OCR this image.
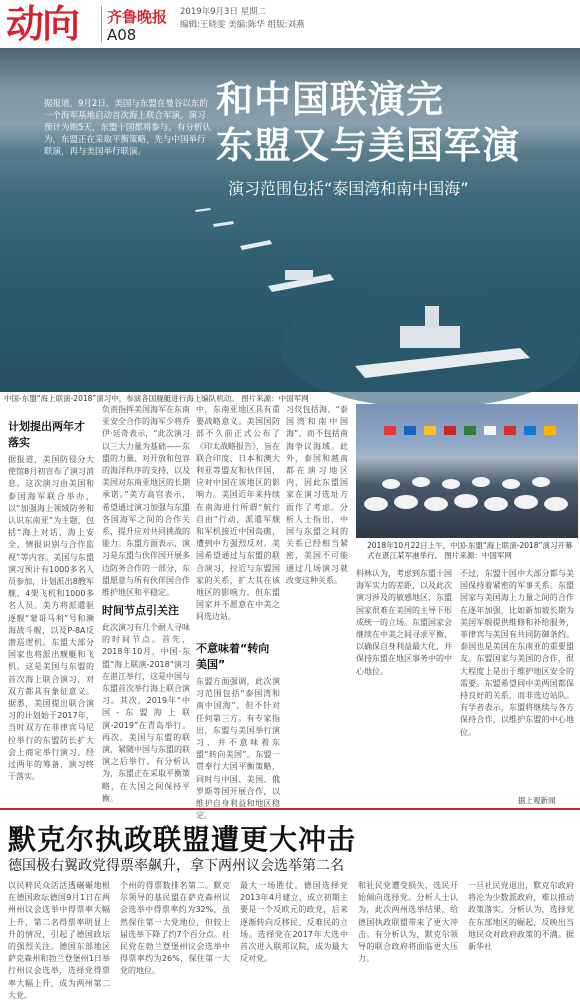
动向 齐鲁晚报
A08
2019年9月3日 星期二
编辑:王晓雯 美编:陈华 组版:刘燕
据报道，9月2日，美国与东盟在曼谷以东的一个海军基地启动首次海上联合军演。演习预计为期5天，东盟十国都将参与。有分析认为，东盟正在采取平衡策略，先与中国举行联演，再与美国举行联演。
和中国联演完
东盟又与美国军演
演习范围包括“泰国湾和南中国海”
中国-东盟“海上联演-2018”演习中，参演各国舰艇进行海上编队机动。 图片来源：中国军网
计划提出两年才落实
据报道，美国防侵分大使馆8月初宣布了演习消息。这次演习由美国和泰国海军联合举办，以“加强海上领域防务和认识东南亚”为主题，包括“海上对话、海上安全、情报识别与合作监视”等内容。美国与东盟演习预计有1000多名人员参加，计划派出8艘军舰、4架飞机和1000多名人员。美方将派遣驱逐舰“蒙哥马利”号和濒海战斗舰，以及P-8A反潜巡逻机。东盟大部分国家也将派出舰艇和飞机。这是美国与东盟的首次海上联合演习，对双方都具有象征意义。据悉，美国提出联合演习的计划始于2017年，当时双方在菲律宾马尼拉举行的东盟防长扩大会上商定举行演习。经过两年的筹备，演习终于落实。
负责指挥美国海军在东南亚安全合作的海军少将乔伊·廷奇表示，“此次演习以三大力量为基础——东盟的力量、对开放和包容的海洋秩序的支持，以及美国对东南亚地区的长期承诺。”美方高官表示，希望通过演习加强与东盟各国海军之间的合作关系，提升应对共同挑战的能力。东盟方面表示，演习是东盟与伙伴国开展多边防务合作的一部分，东盟愿意与所有伙伴国合作维护地区和平稳定。
时间节点引关注
此次演习有几个耐人寻味的时间节点。首先，2018年10月，中国-东盟“海上联演-2018”演习在湛江举行，这是中国与东盟首次举行海上联合演习。其次，2019年“中国-东盟海上联演-2019”在青岛举行。再次，美国与东盟的联演，紧随中国与东盟的联演之后举行。有分析认为，东盟正在采取平衡策略，在大国之间保持平衡。
中，东南亚地区具有重要战略意义。美国国防部不久前正式公布了《印太战略报告》，旨在联合印度、日本和澳大利亚等盟友和伙伴国，应对中国在该地区的影响力。美国近年来持续在南海进行所谓“航行自由”行动，派遣军舰和军机接近中国岛礁，遭到中方强烈反对。美国希望通过与东盟的联合演习，拉近与东盟国家的关系，扩大其在该地区的影响力。但东盟国家并不愿意在中美之间选边站。
不意味着“转向美国”
东盟方面强调，此次演习范围包括“泰国湾和南中国海”，但不针对任何第三方。有专家指出，东盟与美国举行演习，并不意味着东盟“转向美国”。东盟一贯奉行大国平衡策略，同时与中国、美国、俄罗斯等国开展合作，以维护自身利益和地区稳定。
习仅包括海、“泰国湾和南中国海”，而不包括南海争议海域。此外，泰国和越南都在演习地区内，因此东盟国家在演习选址方面作了考虑。分析人士指出，中国与东盟之间的关系已经相当紧密，美国不可能通过几场演习就改变这种关系。
科林认为，考虑到东盟十国海军实力的差距，以及此次演习涉及的敏感地区，东盟国家很难在美国的主导下形成统一的立场。东盟国家会继续在中美之间寻求平衡，以确保自身利益最大化，并保持东盟在地区事务中的中心地位。
不过，东盟十国中大部分都与美国保持着紧密的军事关系。东盟国家与美国海上力量之间的合作在逐年加强，比如新加坡长期为美国军舰提供维修和补给服务，菲律宾与美国有共同防御条约。泰国也是美国在东南亚的重要盟友。东盟国家与美国的合作，很大程度上是出于维护地区安全的需要。东盟希望同中美两国都保持良好的关系，而非选边站队。有学者表示，东盟将继续与各方保持合作，以维护东盟的中心地位。
2018年10月22日上午，中国-东盟“海上联演-2018”演习开幕式在湛江某军港举行。 图片来源：中国军网
据上观新闻
默克尔执政联盟遭更大冲击
德国极右翼政党得票率飙升，拿下两州议会选举第二名
以民粹民众活活透碾碾地根在德国政坛德国9月1日在两州州议会选举中得票率大幅上升，第二名得票率明显上升的情况，引起了德国政坛的强烈关注。德国东部地区萨克森州和勃兰登堡州1日举行州议会选举，选择党得票率大幅上升，成为两州第二大党。
个州的得票数排名第二。默克尔领导的基民盟在萨克森州议会选举中得票率约为32%，虽然保住第一大党地位，但较上届选举下降了约7个百分点。社民党在勃兰登堡州议会选举中得票率约为26%，保住第一大党的地位。
最大一场胜仗。德国选择党2013年4月建立，成立初期主要是一个反欧元的政党，后来逐渐转向反移民、反难民的立场。选择党在2017年大选中首次进入联邦议院，成为最大反对党。
和社民党遭受损失，选民开始倾向选择党。分析人士认为，此次两州选举结果，给德国执政联盟带来了更大冲击。有分析认为，默克尔领导的联合政府将面临更大压力。
一旦社民党退出，默克尔政府将沦为少数派政府，难以推动政策落实。分析认为，选择党在东部地区的崛起，反映出当地民众对政府政策的不满。据新华社
